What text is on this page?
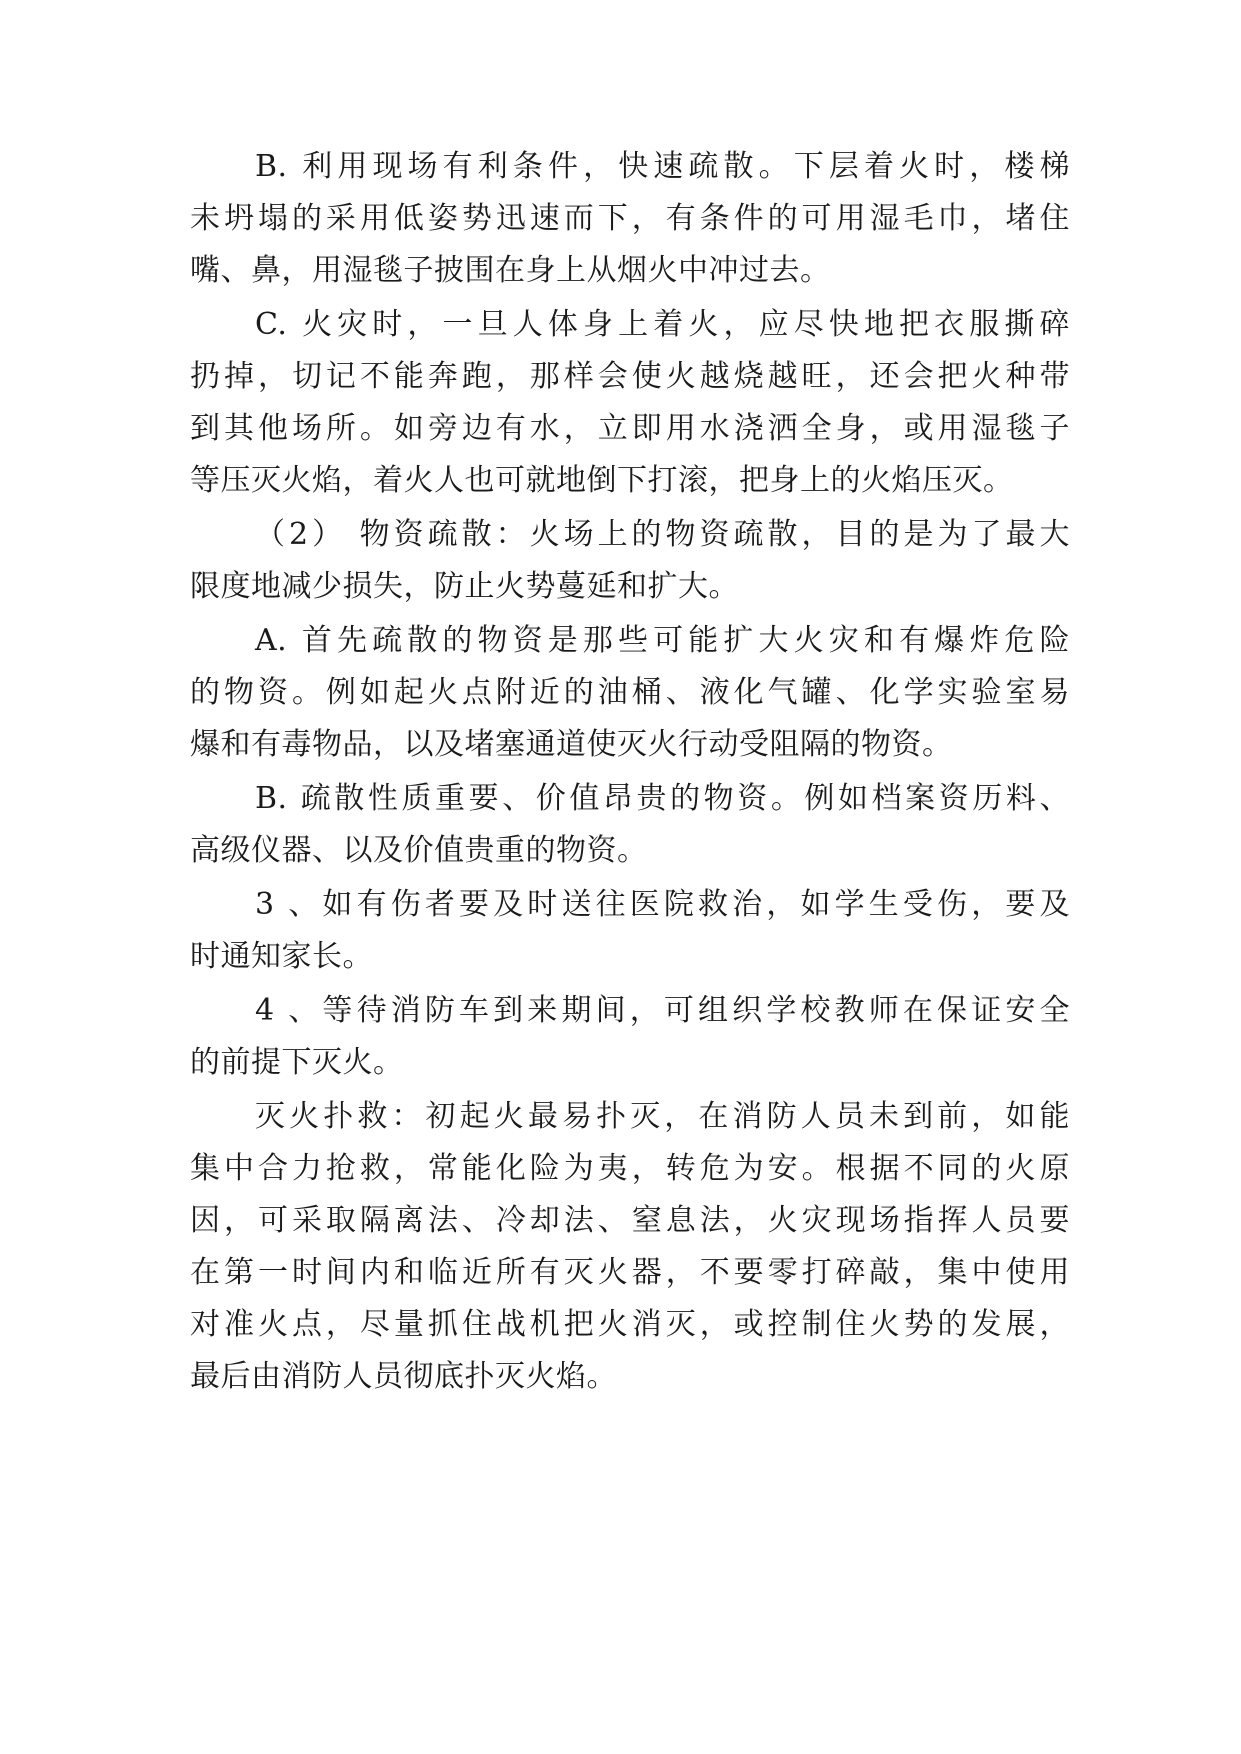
B. 利用现场有利条件，快速疏散。下层着火时，楼梯
未坍塌的采用低姿势迅速而下，有条件的可用湿毛巾，堵住
嘴、鼻，用湿毯子披围在身上从烟火中冲过去。
C. 火灾时，一旦人体身上着火，应尽快地把衣服撕碎
扔掉，切记不能奔跑，那样会使火越烧越旺，还会把火种带
到其他场所。如旁边有水，立即用水浇洒全身，或用湿毯子
等压灭火焰，着火人也可就地倒下打滚，把身上的火焰压灭。
（2） 物资疏散：火场上的物资疏散，目的是为了最大
限度地减少损失，防止火势蔓延和扩大。
A. 首先疏散的物资是那些可能扩大火灾和有爆炸危险
的物资。例如起火点附近的油桶、液化气罐、化学实验室易
爆和有毒物品，以及堵塞通道使灭火行动受阻隔的物资。
B. 疏散性质重要、价值昂贵的物资。例如档案资历料、
高级仪器、以及价值贵重的物资。
3 、如有伤者要及时送往医院救治，如学生受伤，要及
时通知家长。
4 、等待消防车到来期间，可组织学校教师在保证安全
的前提下灭火。
灭火扑救：初起火最易扑灭，在消防人员未到前，如能
集中合力抢救，常能化险为夷，转危为安。根据不同的火原
因，可采取隔离法、冷却法、窒息法，火灾现场指挥人员要
在第一时间内和临近所有灭火器，不要零打碎敲，集中使用
对准火点，尽量抓住战机把火消灭，或控制住火势的发展，
最后由消防人员彻底扑灭火焰。
